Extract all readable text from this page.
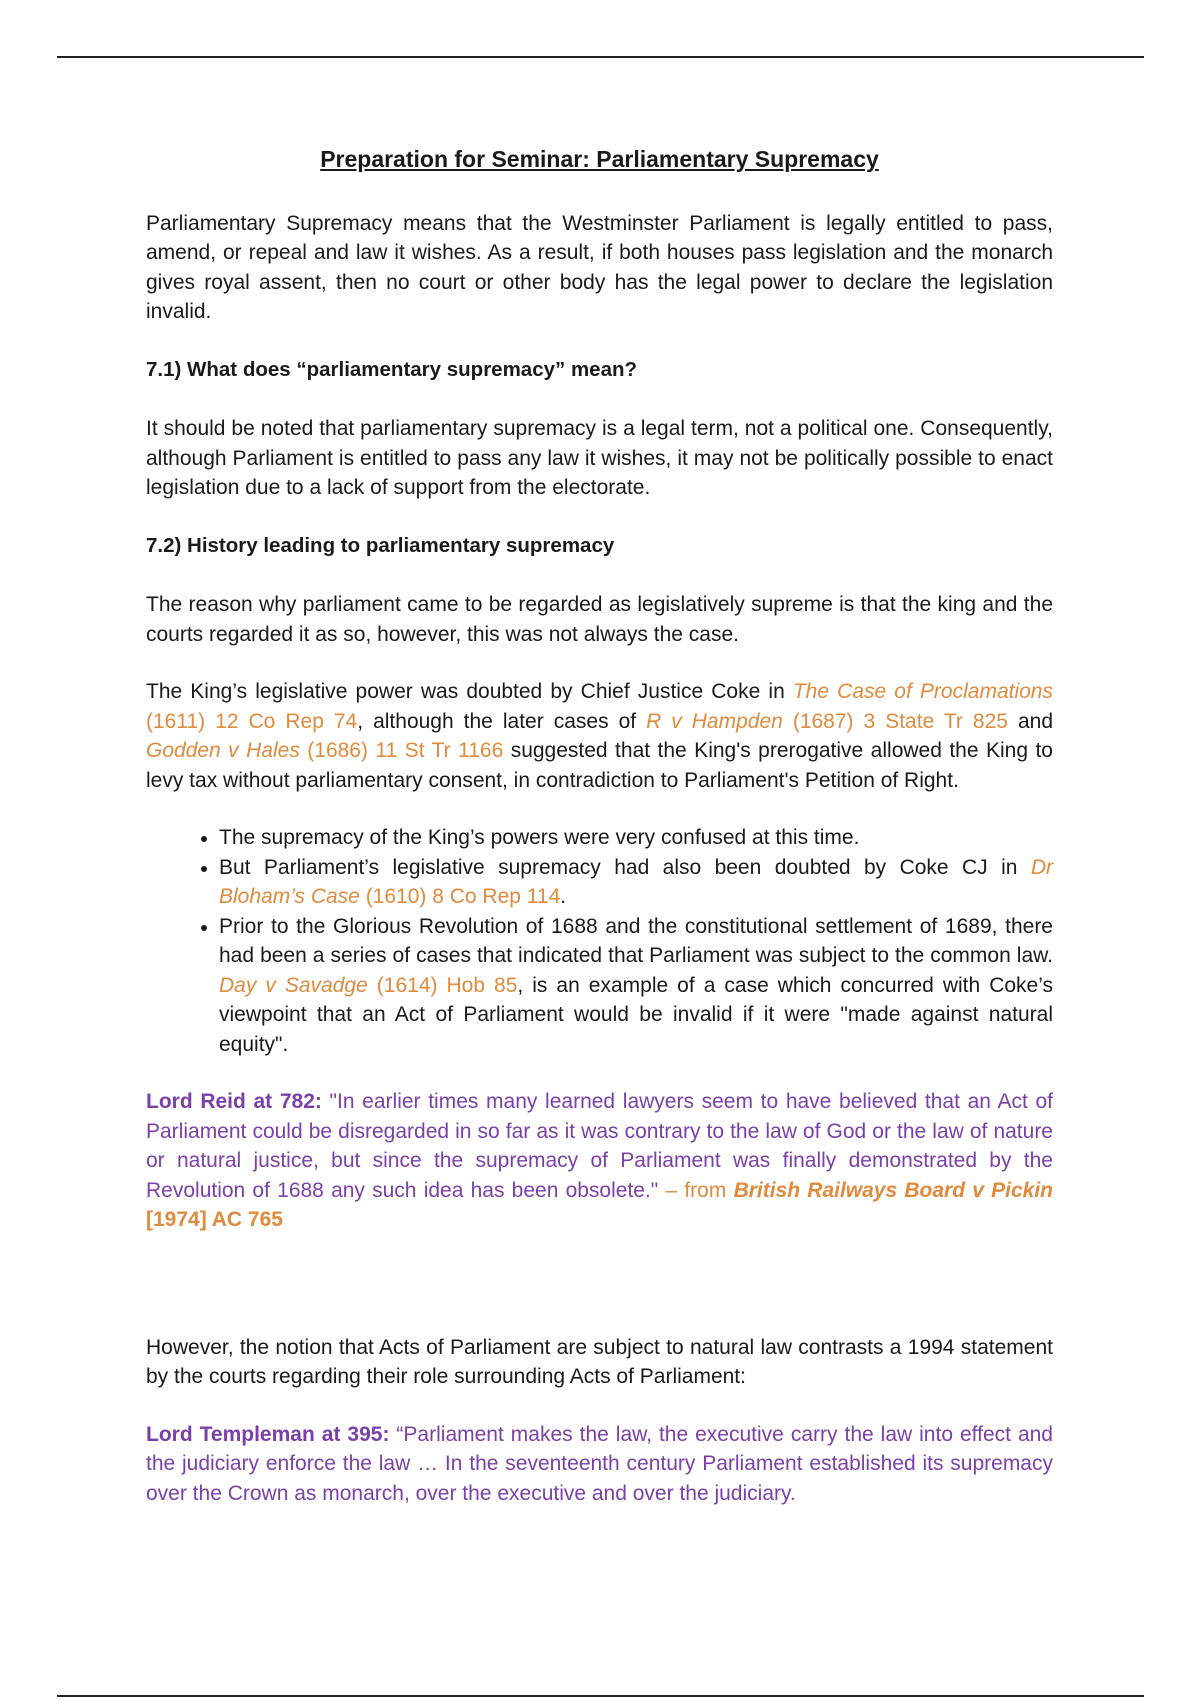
Preparation for Seminar: Parliamentary Supremacy

Parliamentary Supremacy means that the Westminster Parliament is legally entitled to pass, amend, or repeal and law it wishes. As a result, if both houses pass legislation and the monarch gives royal assent, then no court or other body has the legal power to declare the legislation invalid.

7.1) What does “parliamentary supremacy” mean?

It should be noted that parliamentary supremacy is a legal term, not a political one. Consequently, although Parliament is entitled to pass any law it wishes, it may not be politically possible to enact legislation due to a lack of support from the electorate.

7.2) History leading to parliamentary supremacy

The reason why parliament came to be regarded as legislatively supreme is that the king and the courts regarded it as so, however, this was not always the case.

The King’s legislative power was doubted by Chief Justice Coke in The Case of Proclamations (1611) 12 Co Rep 74, although the later cases of R v Hampden (1687) 3 State Tr 825 and Godden v Hales (1686) 11 St Tr 1166 suggested that the King's prerogative allowed the King to levy tax without parliamentary consent, in contradiction to Parliament's Petition of Right.

• The supremacy of the King’s powers were very confused at this time.
• But Parliament’s legislative supremacy had also been doubted by Coke CJ in Dr Bloham’s Case (1610) 8 Co Rep 114.
• Prior to the Glorious Revolution of 1688 and the constitutional settlement of 1689, there had been a series of cases that indicated that Parliament was subject to the common law. Day v Savadge (1614) Hob 85, is an example of a case which concurred with Coke’s viewpoint that an Act of Parliament would be invalid if it were "made against natural equity".

Lord Reid at 782: "In earlier times many learned lawyers seem to have believed that an Act of Parliament could be disregarded in so far as it was contrary to the law of God or the law of nature or natural justice, but since the supremacy of Parliament was finally demonstrated by the Revolution of 1688 any such idea has been obsolete." – from British Railways Board v Pickin [1974] AC 765

However, the notion that Acts of Parliament are subject to natural law contrasts a 1994 statement by the courts regarding their role surrounding Acts of Parliament:

Lord Templeman at 395: “Parliament makes the law, the executive carry the law into effect and the judiciary enforce the law … In the seventeenth century Parliament established its supremacy over the Crown as monarch, over the executive and over the judiciary.
